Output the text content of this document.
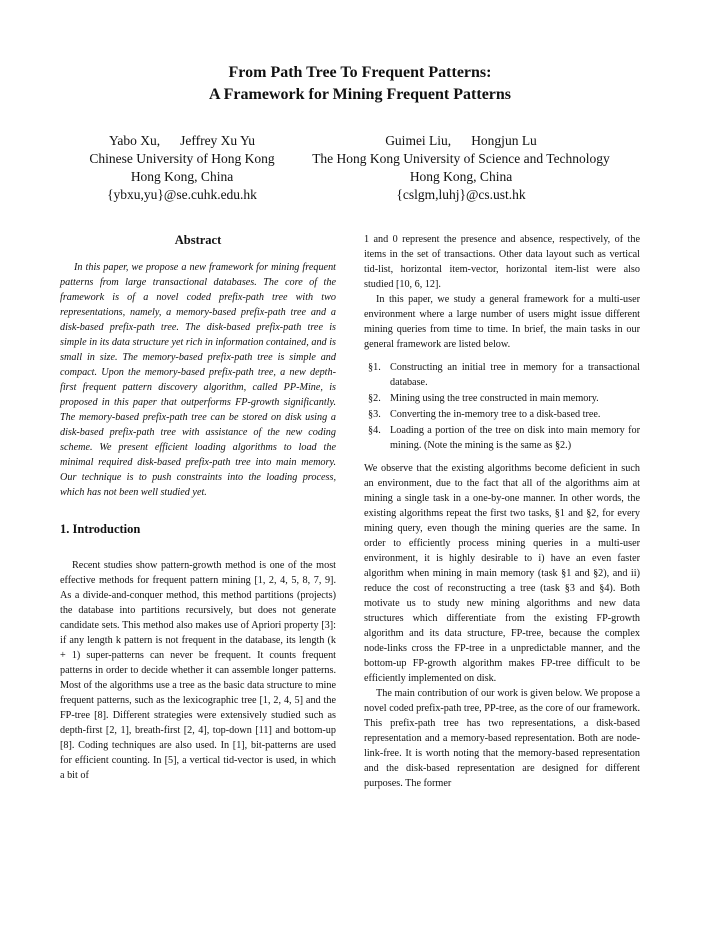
From Path Tree To Frequent Patterns:
A Framework for Mining Frequent Patterns
Yabo Xu, Jeffrey Xu Yu
Chinese University of Hong Kong
Hong Kong, China
{ybxu,yu}@se.cuhk.edu.hk
Guimei Liu, Hongjun Lu
The Hong Kong University of Science and Technology
Hong Kong, China
{cslgm,luhj}@cs.ust.hk
Abstract

In this paper, we propose a new framework for mining frequent patterns from large transactional databases. The core of the framework is of a novel coded prefix-path tree with two representations, namely, a memory-based prefix-path tree and a disk-based prefix-path tree. The disk-based prefix-path tree is simple in its data structure yet rich in information contained, and is small in size. The memory-based prefix-path tree is simple and compact. Upon the memory-based prefix-path tree, a new depth-first frequent pattern discovery algorithm, called PP-Mine, is proposed in this paper that outperforms FP-growth significantly. The memory-based prefix-path tree can be stored on disk using a disk-based prefix-path tree with assistance of the new coding scheme. We present efficient loading algorithms to load the minimal required disk-based prefix-path tree into main memory. Our technique is to push constraints into the loading process, which has not been well studied yet.

1. Introduction

Recent studies show pattern-growth method is one of the most effective methods for frequent pattern mining [1, 2, 4, 5, 8, 7, 9]. As a divide-and-conquer method, this method partitions (projects) the database into partitions recursively, but does not generate candidate sets. This method also makes use of Apriori property [3]: if any length k pattern is not frequent in the database, its length (k + 1) super-patterns can never be frequent. It counts frequent patterns in order to decide whether it can assemble longer patterns. Most of the algorithms use a tree as the basic data structure to mine frequent patterns, such as the lexicographic tree [1, 2, 4, 5] and the FP-tree [8]. Different strategies were extensively studied such as depth-first [2, 1], breath-first [2, 4], top-down [11] and bottom-up [8]. Coding techniques are also used. In [1], bit-patterns are used for efficient counting. In [5], a vertical tid-vector is used, in which a bit of

1 and 0 represent the presence and absence, respectively, of the items in the set of transactions. Other data layout such as vertical tid-list, horizontal item-vector, horizontal item-list were also studied [10, 6, 12].

In this paper, we study a general framework for a multi-user environment where a large number of users might issue different mining queries from time to time. In brief, the main tasks in our general framework are listed below.

§1. Constructing an initial tree in memory for a transactional database.
§2. Mining using the tree constructed in main memory.
§3. Converting the in-memory tree to a disk-based tree.
§4. Loading a portion of the tree on disk into main memory for mining. (Note the mining is the same as §2.)

We observe that the existing algorithms become deficient in such an environment, due to the fact that all of the algorithms aim at mining a single task in a one-by-one manner. In other words, the existing algorithms repeat the first two tasks, §1 and §2, for every mining query, even though the mining queries are the same. In order to efficiently process mining queries in a multi-user environment, it is highly desirable to i) have an even faster algorithm when mining in main memory (task §1 and §2), and ii) reduce the cost of reconstructing a tree (task §3 and §4). Both motivate us to study new mining algorithms and new data structures which differentiate from the existing FP-growth algorithm and its data structure, FP-tree, because the complex node-links cross the FP-tree in a unpredictable manner, and the bottom-up FP-growth algorithm makes FP-tree difficult to be efficiently implemented on disk.

The main contribution of our work is given below. We propose a novel coded prefix-path tree, PP-tree, as the core of our framework. This prefix-path tree has two representations, a disk-based representation and a memory-based representation. Both are node-link-free. It is worth noting that the memory-based representation and the disk-based representation are designed for different purposes. The former
